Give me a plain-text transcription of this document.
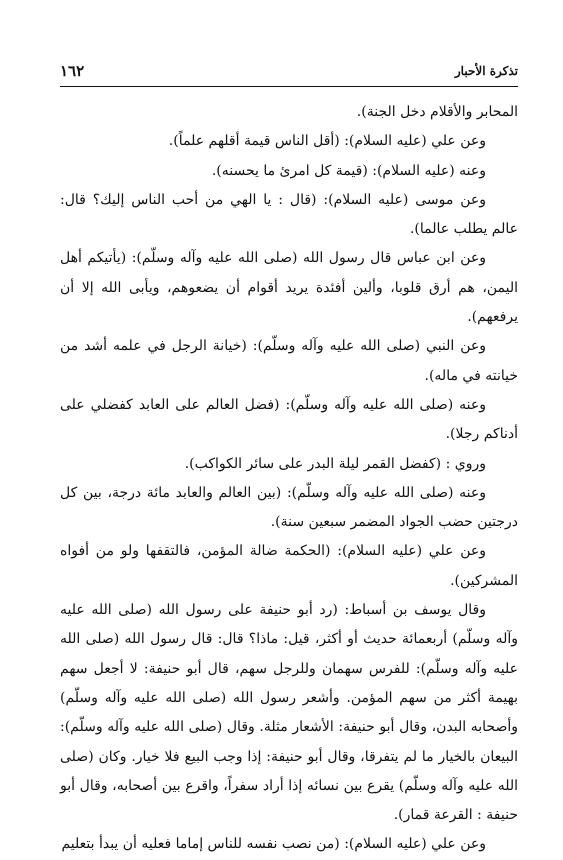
تذكرة الأحبار
١٦٢

المحابر والأقلام دخل الجنة).

وعن علي (عليه السلام): (أقل الناس قيمة أقلهم علماً).

وعنه (عليه السلام): (قيمة كل امرئ ما يحسنه).

وعن موسى (عليه السلام): (قال : يا الهي من أحب الناس إليك؟ قال: عالم يطلب عالما).

وعن ابن عباس قال رسول الله (صلى الله عليه وآله وسلّم): (يأتيكم أهل اليمن، هم أرق قلوبا، وألين أفئدة يريد أقوام أن يضعوهم، ويأبى الله إلا أن يرفعهم).

وعن النبي (صلى الله عليه وآله وسلّم): (خيانة الرجل في علمه أشد من خيانته في ماله).

وعنه (صلى الله عليه وآله وسلّم): (فضل العالم على العابد كفضلي على أدناكم رجلا).

وروي : (كفضل القمر ليلة البدر على سائر الكواكب).

وعنه (صلى الله عليه وآله وسلّم): (بين العالم والعابد مائة درجة، بين كل درجتين حضب الجواد المضمر سبعين سنة).

وعن علي (عليه السلام): (الحكمة ضالة المؤمن، فالتقفها ولو من أفواه المشركين).

وقال يوسف بن أسباط: (رد أبو حنيفة على رسول الله (صلى الله عليه وآله وسلّم) أربعمائة حديث أو أكثر، قيل: ماذا؟ قال: قال رسول الله (صلى الله عليه وآله وسلّم): للفرس سهمان وللرجل سهم، قال أبو حنيفة: لا أجعل سهم بهيمة أكثر من سهم المؤمن. وأشعر رسول الله (صلى الله عليه وآله وسلّم) وأصحابه البدن، وقال أبو حنيفة: الأشعار مثلة. وقال (صلى الله عليه وآله وسلّم): البيعان بالخيار ما لم يتفرقا، وقال أبو حنيفة: إذا وجب البيع فلا خيار. وكان (صلى الله عليه وآله وسلّم) يقرع بين نسائه إذا أراد سفراً، واقرع بين أصحابه، وقال أبو حنيفة : القرعة قمار).

وعن علي (عليه السلام): (من نصب نفسه للناس إماما فعليه أن يبدأ بتعليم
